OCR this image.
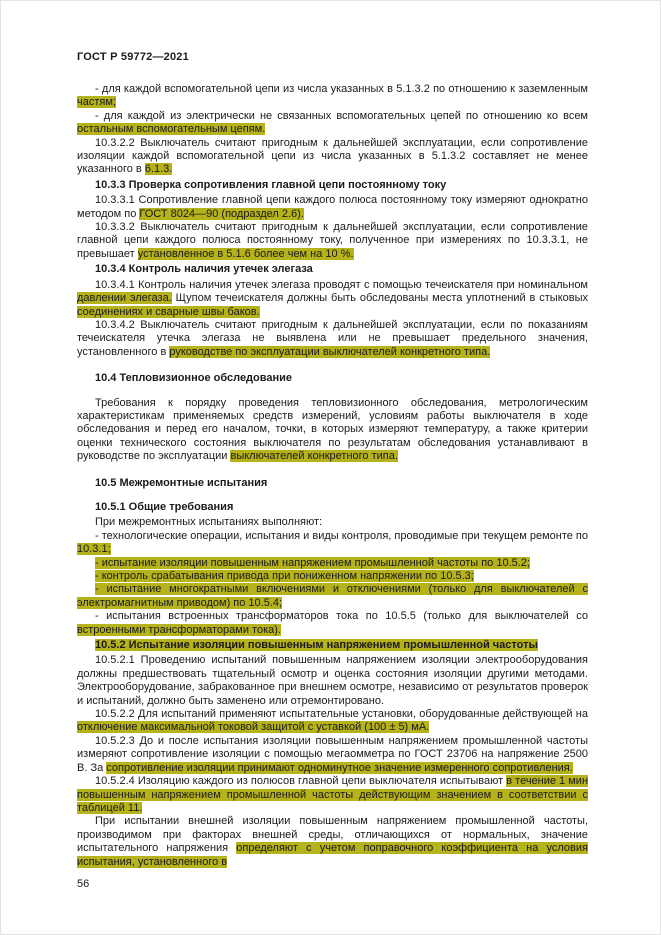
ГОСТ Р 59772—2021
- для каждой вспомогательной цепи из числа указанных в 5.1.3.2 по отношению к заземленным частям;
- для каждой из электрически не связанных вспомогательных цепей по отношению ко всем остальным вспомогательным цепям.
10.3.2.2 Выключатель считают пригодным к дальнейшей эксплуатации, если сопротивление изоляции каждой вспомогательной цепи из числа указанных в 5.1.3.2 составляет не менее указанного в 6.1.3.
10.3.3 Проверка сопротивления главной цепи постоянному току
10.3.3.1 Сопротивление главной цепи каждого полюса постоянному току измеряют однократно методом по ГОСТ 8024—90 (подраздел 2.6).
10.3.3.2 Выключатель считают пригодным к дальнейшей эксплуатации, если сопротивление главной цепи каждого полюса постоянному току, полученное при измерениях по 10.3.3.1, не превышает установленное в 5.1.6 более чем на 10 %.
10.3.4 Контроль наличия утечек элегаза
10.3.4.1 Контроль наличия утечек элегаза проводят с помощью течеискателя при номинальном давлении элегаза. Щупом течеискателя должны быть обследованы места уплотнений в стыковых соединениях и сварные швы баков.
10.3.4.2 Выключатель считают пригодным к дальнейшей эксплуатации, если по показаниям течеискателя утечка элегаза не выявлена или не превышает предельного значения, установленного в руководстве по эксплуатации выключателей конкретного типа.
10.4 Тепловизионное обследование
Требования к порядку проведения тепловизионного обследования, метрологическим характеристикам применяемых средств измерений, условиям работы выключателя в ходе обследования и перед его началом, точки, в которых измеряют температуру, а также критерии оценки технического состояния выключателя по результатам обследования устанавливают в руководстве по эксплуатации выключателей конкретного типа.
10.5 Межремонтные испытания
10.5.1 Общие требования
При межремонтных испытаниях выполняют:
- технологические операции, испытания и виды контроля, проводимые при текущем ремонте по 10.3.1;
- испытание изоляции повышенным напряжением промышленной частоты по 10.5.2;
- контроль срабатывания привода при пониженном напряжении по 10.5.3;
- испытание многократными включениями и отключениями (только для выключателей с электромагнитным приводом) по 10.5.4;
- испытания встроенных трансформаторов тока по 10.5.5 (только для выключателей со встроенными трансформаторами тока).
10.5.2 Испытание изоляции повышенным напряжением промышленной частоты
10.5.2.1 Проведению испытаний повышенным напряжением изоляции электрооборудования должны предшествовать тщательный осмотр и оценка состояния изоляции другими методами. Электрооборудование, забракованное при внешнем осмотре, независимо от результатов проверок и испытаний, должно быть заменено или отремонтировано.
10.5.2.2 Для испытаний применяют испытательные установки, оборудованные действующей на отключение максимальной токовой защитой с уставкой (100 ± 5) мА.
10.5.2.3 До и после испытания изоляции повышенным напряжением промышленной частоты измеряют сопротивление изоляции с помощью мегаомметра по ГОСТ 23706 на напряжение 2500 В. За сопротивление изоляции принимают одноминутное значение измеренного сопротивления.
10.5.2.4 Изоляцию каждого из полюсов главной цепи выключателя испытывают в течение 1 мин повышенным напряжением промышленной частоты действующим значением в соответствии с таблицей 11.
При испытании внешней изоляции повышенным напряжением промышленной частоты, производимом при факторах внешней среды, отличающихся от нормальных, значение испытательного напряжения определяют с учетом поправочного коэффициента на условия испытания, установленного в
56
